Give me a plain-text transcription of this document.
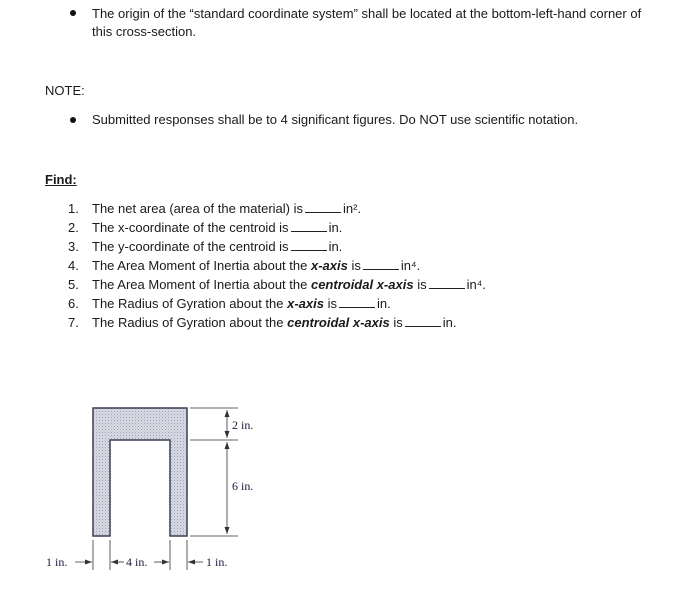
The origin of the “standard coordinate system” shall be located at the bottom-left-hand corner of this cross-section.
NOTE:
Submitted responses shall be to 4 significant figures. Do NOT use scientific notation.
Find:
1.	The net area (area of the material) is	in².
2.	The x-coordinate of the centroid is	in.
3.	The y-coordinate of the centroid is	in.
4.	The Area Moment of Inertia about the x-axis is	in⁴.
5.	The Area Moment of Inertia about the centroidal x-axis is	in⁴.
6.	The Radius of Gyration about the x-axis is	in.
7.	The Radius of Gyration about the centroidal x-axis is	in.
2 in.
6 in.
1 in.	4 in.	1 in.
